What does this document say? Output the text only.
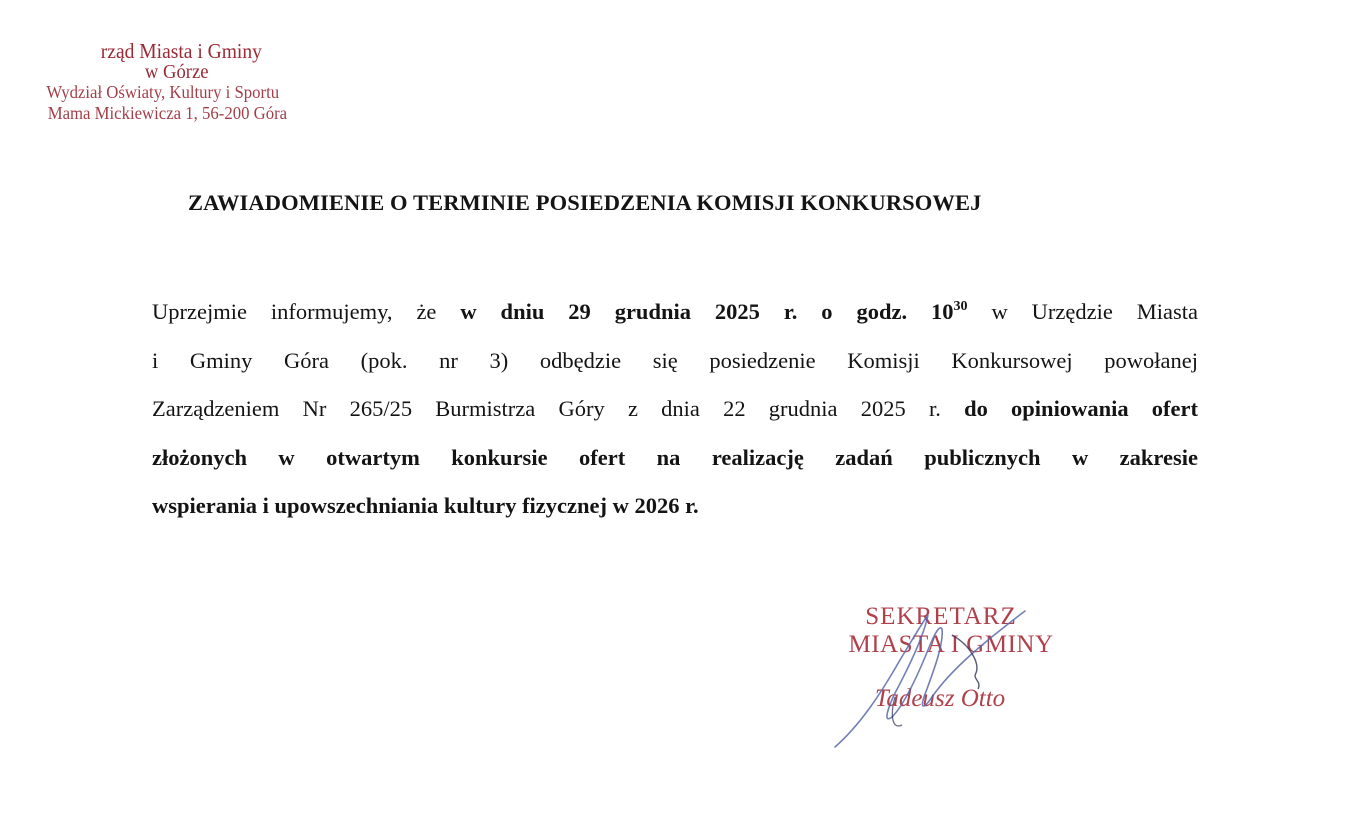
rząd Miasta i Gminy
w Górze
Wydział Oświaty, Kultury i Sportu
Mama Mickiewicza 1, 56-200 Góra
ZAWIADOMIENIE O TERMINIE POSIEDZENIA KOMISJI KONKURSOWEJ
Uprzejmie informujemy, że w dniu 29 grudnia 2025 r. o godz. $10^{30}$ w Urzędzie Miasta
i Gminy Góra (pok. nr 3) odbędzie się posiedzenie Komisji Konkursowej powołanej
Zarządzeniem Nr 265/25 Burmistrza Góry z dnia 22 grudnia 2025 r. do opiniowania ofert
złożonych w otwartym konkursie ofert na realizację zadań publicznych w zakresie
wspierania i upowszechniania kultury fizycznej w 2026 r.
SEKRETARZ
MIASTA I GMINY
Tadeusz Otto
